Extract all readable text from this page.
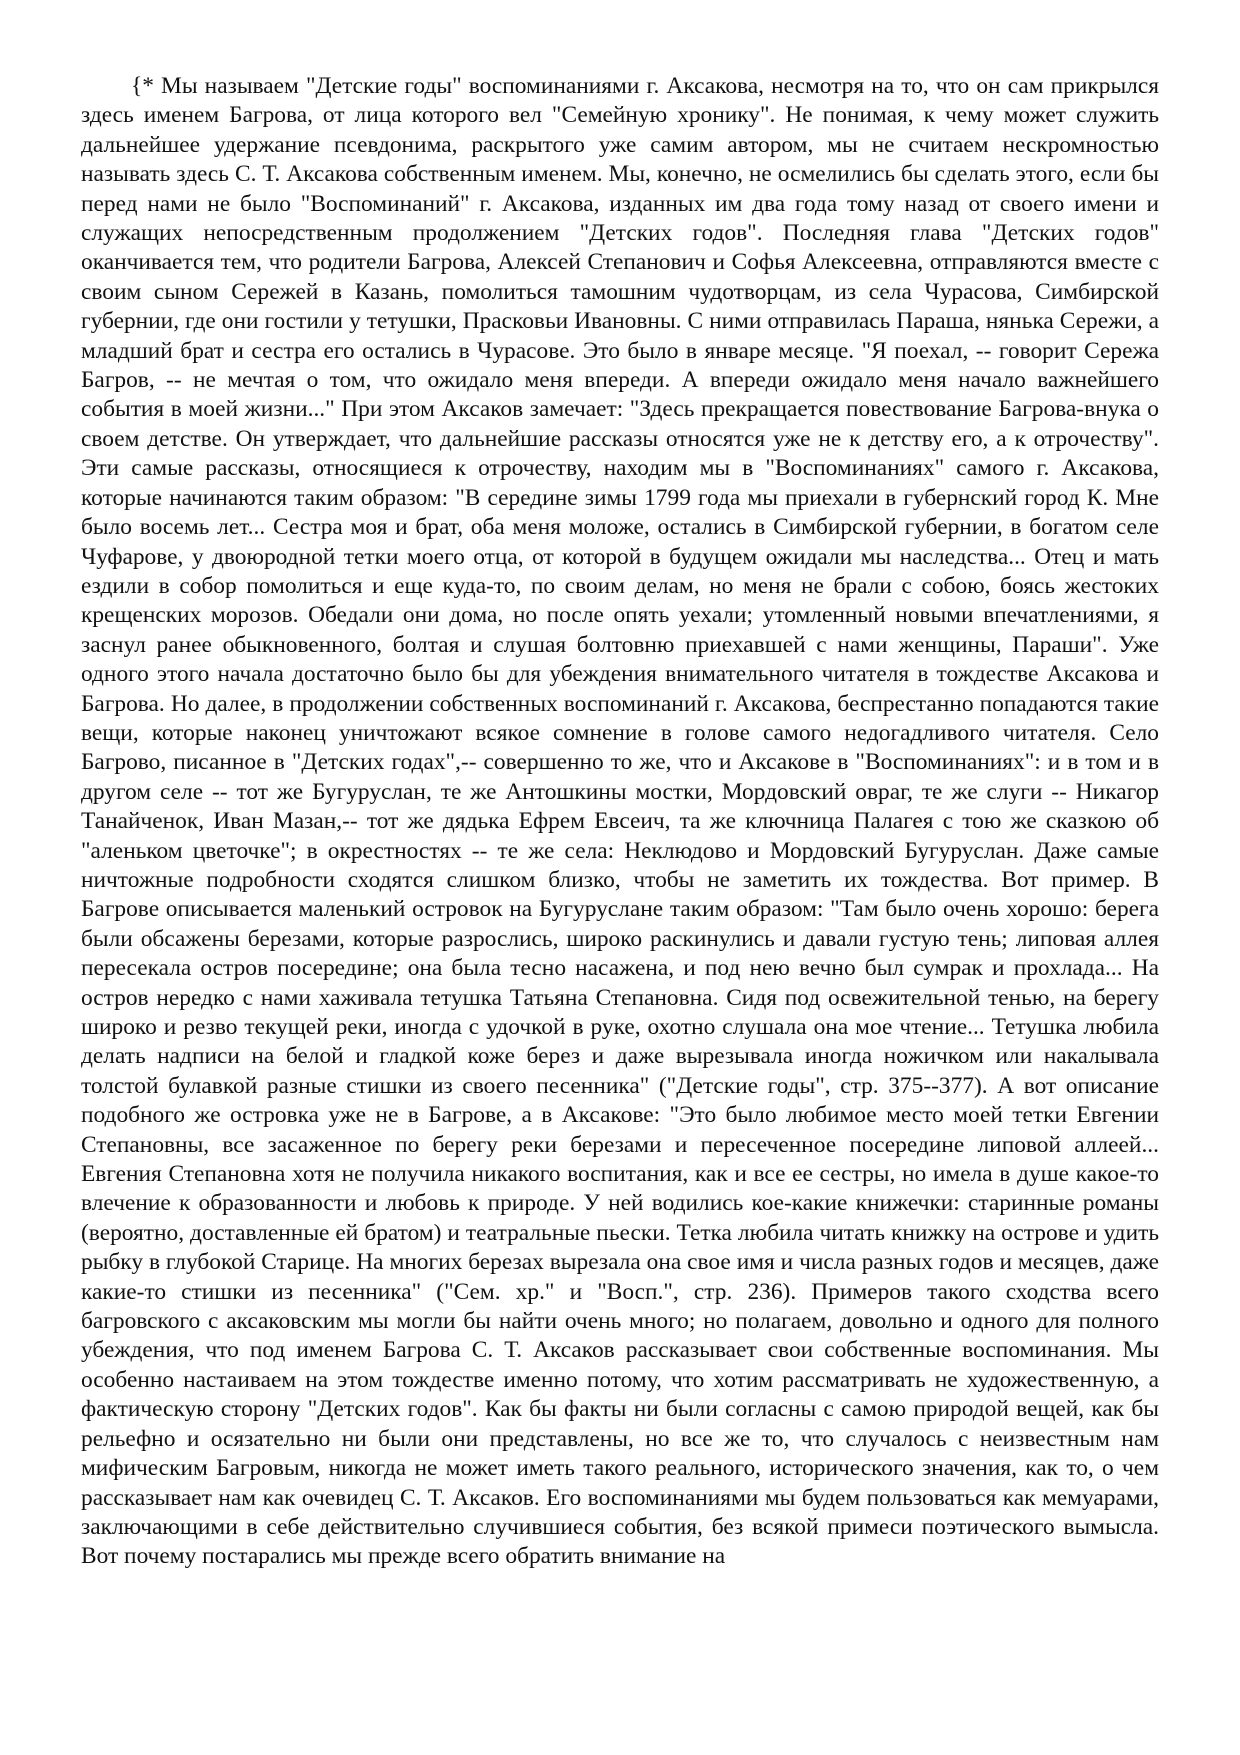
{* Мы называем "Детские годы" воспоминаниями г. Аксакова, несмотря на то, что он сам прикрылся здесь именем Багрова, от лица которого вел "Семейную хронику". Не понимая, к чему может служить дальнейшее удержание псевдонима, раскрытого уже самим автором, мы не считаем нескромностью называть здесь С. Т. Аксакова собственным именем. Мы, конечно, не осмелились бы сделать этого, если бы перед нами не было "Воспоминаний" г. Аксакова, изданных им два года тому назад от своего имени и служащих непосредственным продолжением "Детских годов". Последняя глава "Детских годов" оканчивается тем, что родители Багрова, Алексей Степанович и Софья Алексеевна, отправляются вместе с своим сыном Сережей в Казань, помолиться тамошним чудотворцам, из села Чурасова, Симбирской губернии, где они гостили у тетушки, Прасковьи Ивановны. С ними отправилась Параша, нянька Сережи, а младший брат и сестра его остались в Чурасове. Это было в январе месяце. "Я поехал, -- говорит Сережа Багров, -- не мечтая о том, что ожидало меня впереди. А впереди ожидало меня начало важнейшего события в моей жизни..." При этом Аксаков замечает: "Здесь прекращается повествование Багрова-внука о своем детстве. Он утверждает, что дальнейшие рассказы относятся уже не к детству его, а к отрочеству". Эти самые рассказы, относящиеся к отрочеству, находим мы в "Воспоминаниях" самого г. Аксакова, которые начинаются таким образом: "В середине зимы 1799 года мы приехали в губернский город К. Мне было восемь лет... Сестра моя и брат, оба меня моложе, остались в Симбирской губернии, в богатом селе Чуфарове, у двоюродной тетки моего отца, от которой в будущем ожидали мы наследства... Отец и мать ездили в собор помолиться и еще куда-то, по своим делам, но меня не брали с собою, боясь жестоких крещенских морозов. Обедали они дома, но после опять уехали; утомленный новыми впечатлениями, я заснул ранее обыкновенного, болтая и слушая болтовню приехавшей с нами женщины, Параши". Уже одного этого начала достаточно было бы для убеждения внимательного читателя в тождестве Аксакова и Багрова. Но далее, в продолжении собственных воспоминаний г. Аксакова, беспрестанно попадаются такие вещи, которые наконец уничтожают всякое сомнение в голове самого недогадливого читателя. Село Багрово, писанное в "Детских годах",-- совершенно то же, что и Аксакове в "Воспоминаниях": и в том и в другом селе -- тот же Бугуруслан, те же Антошкины мостки, Мордовский овраг, те же слуги -- Никагор Танайченок, Иван Мазан,-- тот же дядька Ефрем Евсеич, та же ключница Палагея с тою же сказкою об "аленьком цветочке"; в окрестностях -- те же села: Неклюдово и Мордовский Бугуруслан. Даже самые ничтожные подробности сходятся слишком близко, чтобы не заметить их тождества. Вот пример. В Багрове описывается маленький островок на Бугуруслане таким образом: "Там было очень хорошо: берега были обсажены березами, которые разрослись, широко раскинулись и давали густую тень; липовая аллея пересекала остров посередине; она была тесно насажена, и под нею вечно был сумрак и прохлада... На остров нередко с нами хаживала тетушка Татьяна Степановна. Сидя под освежительной тенью, на берегу широко и резво текущей реки, иногда с удочкой в руке, охотно слушала она мое чтение... Тетушка любила делать надписи на белой и гладкой коже берез и даже вырезывала иногда ножичком или накалывала толстой булавкой разные стишки из своего песенника" ("Детские годы", стр. 375--377). А вот описание подобного же островка уже не в Багрове, а в Аксакове: "Это было любимое место моей тетки Евгении Степановны, все засаженное по берегу реки березами и пересеченное посередине липовой аллеей... Евгения Степановна хотя не получила никакого воспитания, как и все ее сестры, но имела в душе какое-то влечение к образованности и любовь к природе. У ней водились кое-какие книжечки: старинные романы (вероятно, доставленные ей братом) и театральные пьески. Тетка любила читать книжку на острове и удить рыбку в глубокой Старице. На многих березах вырезала она свое имя и числа разных годов и месяцев, даже какие-то стишки из песенника" ("Сем. хр." и "Восп.", стр. 236). Примеров такого сходства всего багровского с аксаковским мы могли бы найти очень много; но полагаем, довольно и одного для полного убеждения, что под именем Багрова С. Т. Аксаков рассказывает свои собственные воспоминания. Мы особенно настаиваем на этом тождестве именно потому, что хотим рассматривать не художественную, а фактическую сторону "Детских годов". Как бы факты ни были согласны с самою природой вещей, как бы рельефно и осязательно ни были они представлены, но все же то, что случалось с неизвестным нам мифическим Багровым, никогда не может иметь такого реального, исторического значения, как то, о чем рассказывает нам как очевидец С. Т. Аксаков. Его воспоминаниями мы будем пользоваться как мемуарами, заключающими в себе действительно случившиеся события, без всякой примеси поэтического вымысла. Вот почему постарались мы прежде всего обратить внимание на
